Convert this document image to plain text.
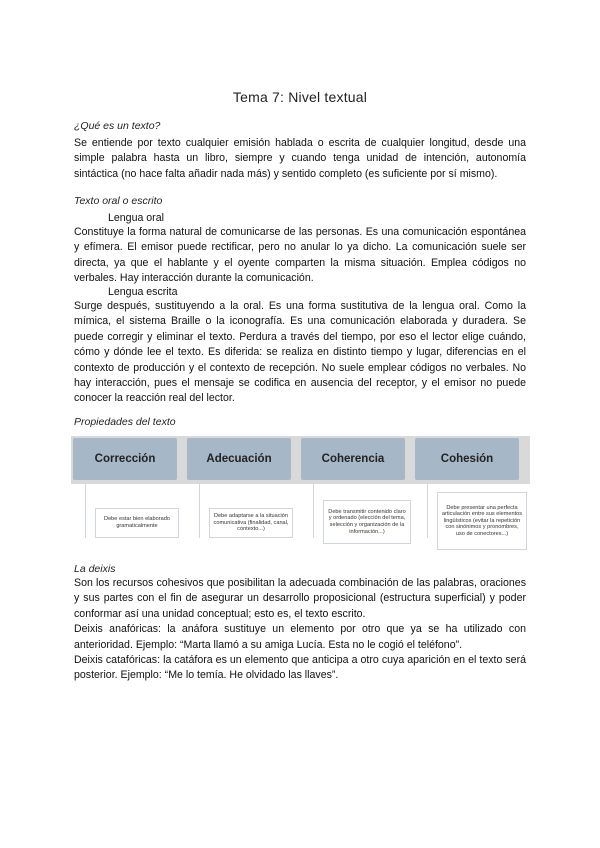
Tema 7: Nivel textual
¿Qué es un texto?

Se entiende por texto cualquier emisión hablada o escrita de cualquier longitud, desde una simple palabra hasta un libro, siempre y cuando tenga unidad de intención, autonomía sintáctica (no hace falta añadir nada más) y sentido completo (es suficiente por sí mismo).

Texto oral o escrito
Lengua oral

Constituye la forma natural de comunicarse de las personas. Es una comunicación espontánea y efímera. El emisor puede rectificar, pero no anular lo ya dicho. La comunicación suele ser directa, ya que el hablante y el oyente comparten la misma situación. Emplea códigos no verbales. Hay interacción durante la comunicación.

Lengua escrita

Surge después, sustituyendo a la oral. Es una forma sustitutiva de la lengua oral. Como la mímica, el sistema Braille o la iconografía. Es una comunicación elaborada y duradera. Se puede corregir y eliminar el texto. Perdura a través del tiempo, por eso el lector elige cuándo, cómo y dónde lee el texto. Es diferida: se realiza en distinto tiempo y lugar, diferencias en el contexto de producción y el contexto de recepción. No suele emplear códigos no verbales. No hay interacción, pues el mensaje se codifica en ausencia del receptor, y el emisor no puede conocer la reacción real del lector.

Propiedades del texto
Corrección	Adecuación	Coherencia	Cohesión
Debe estar bien elaborado gramaticalmente
Debe adaptarse a la situación comunicativa (finalidad, canal, contexto...)
Debe transmitir contenido claro y ordenado (elección del tema, selección y organización de la información...)
Debe presentar una perfecta articulación entre sus elementos lingüísticos (evitar la repetición con sinónimos y pronombres, uso de conectores...)
La deixis

Son los recursos cohesivos que posibilitan la adecuada combinación de las palabras, oraciones y sus partes con el fin de asegurar un desarrollo proposicional (estructura superficial) y poder conformar así una unidad conceptual; esto es, el texto escrito.

Deixis anafóricas: la anáfora sustituye un elemento por otro que ya se ha utilizado con anterioridad. Ejemplo: “Marta llamó a su amiga Lucía. Esta no le cogió el teléfono”.

Deixis catafóricas: la catáfora es un elemento que anticipa a otro cuya aparición en el texto será posterior. Ejemplo: “Me lo temía. He olvidado las llaves”.
